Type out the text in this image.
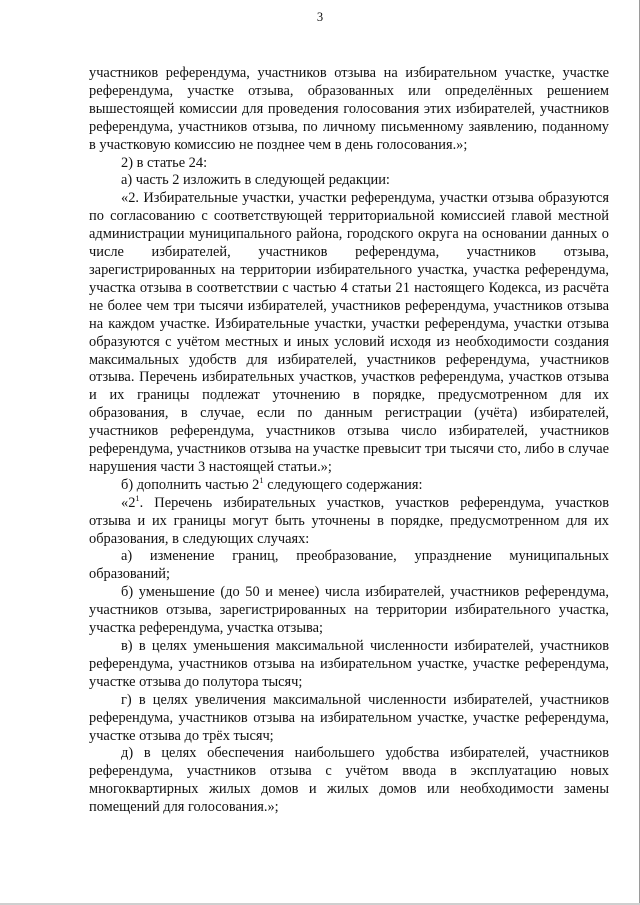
3

участников референдума, участников отзыва на избирательном участке, участке референдума, участке отзыва, образованных или определённых решением вышестоящей комиссии для проведения голосования этих избирателей, участников референдума, участников отзыва, по личному письменному заявлению, поданному в участковую комиссию не позднее чем в день голосования.»;

2) в статье 24:

а) часть 2 изложить в следующей редакции:

«2. Избирательные участки, участки референдума, участки отзыва образуются по согласованию с соответствующей территориальной комиссией главой местной администрации муниципального района, городского округа на основании данных о числе избирателей, участников референдума, участников отзыва, зарегистрированных на территории избирательного участка, участка референдума, участка отзыва в соответствии с частью 4 статьи 21 настоящего Кодекса, из расчёта не более чем три тысячи избирателей, участников референдума, участников отзыва на каждом участке. Избирательные участки, участки референдума, участки отзыва образуются с учётом местных и иных условий исходя из необходимости создания максимальных удобств для избирателей, участников референдума, участников отзыва. Перечень избирательных участков, участков референдума, участков отзыва и их границы подлежат уточнению в порядке, предусмотренном для их образования, в случае, если по данным регистрации (учёта) избирателей, участников референдума, участников отзыва число избирателей, участников референдума, участников отзыва на участке превысит три тысячи сто, либо в случае нарушения части 3 настоящей статьи.»;

б) дополнить частью $2^1$ следующего содержания:

«$2^1$. Перечень избирательных участков, участков референдума, участков отзыва и их границы могут быть уточнены в порядке, предусмотренном для их образования, в следующих случаях:

а) изменение границ, преобразование, упразднение муниципальных образований;

б) уменьшение (до 50 и менее) числа избирателей, участников референдума, участников отзыва, зарегистрированных на территории избирательного участка, участка референдума, участка отзыва;

в) в целях уменьшения максимальной численности избирателей, участников референдума, участников отзыва на избирательном участке, участке референдума, участке отзыва до полутора тысяч;

г) в целях увеличения максимальной численности избирателей, участников референдума, участников отзыва на избирательном участке, участке референдума, участке отзыва до трёх тысяч;

д) в целях обеспечения наибольшего удобства избирателей, участников референдума, участников отзыва с учётом ввода в эксплуатацию новых многоквартирных жилых домов и жилых домов или необходимости замены помещений для голосования.»;
